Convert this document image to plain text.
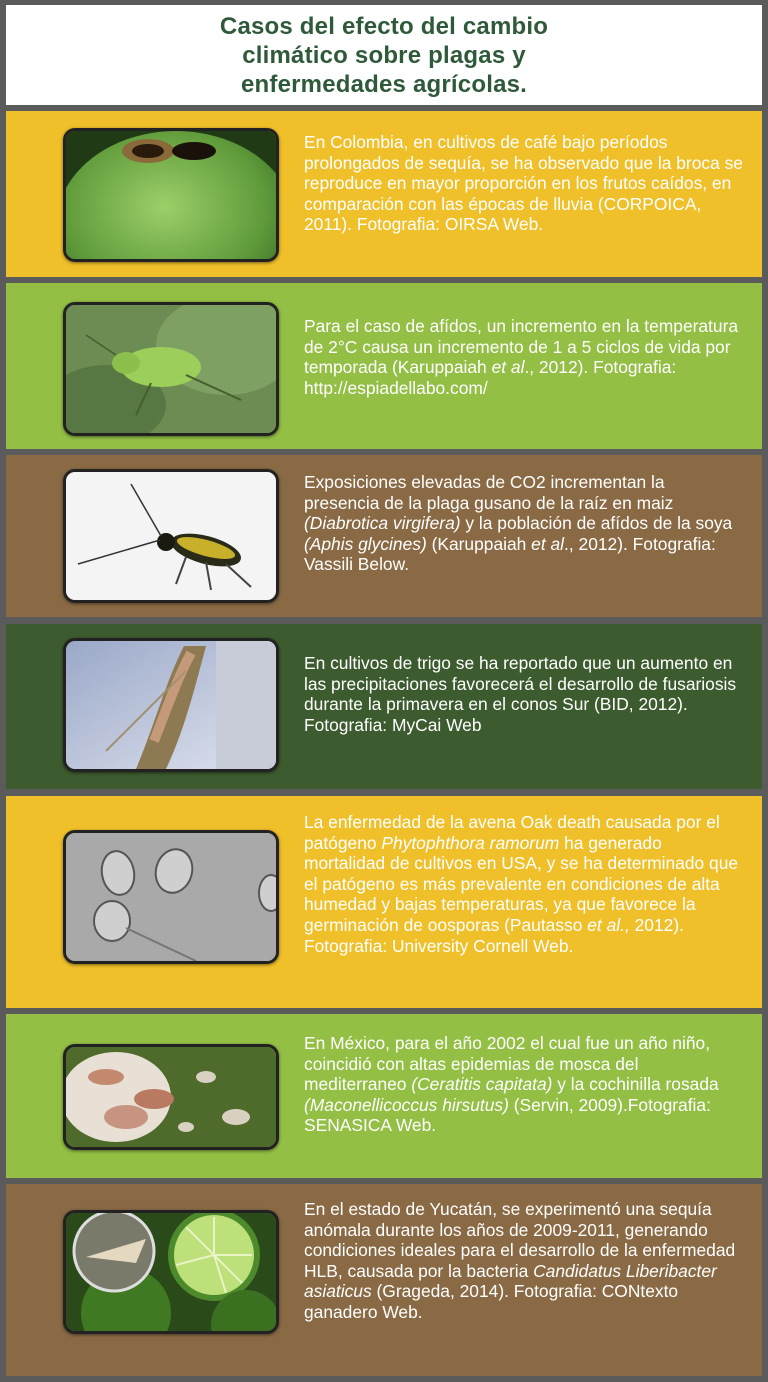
Casos del efecto del cambio climático sobre plagas y enfermedades agrícolas.
En Colombia, en cultivos de café bajo períodos prolongados de sequía, se ha observado que la broca se reproduce en mayor proporción en los frutos caídos, en comparación con las épocas de lluvia (CORPOICA, 2011). Fotografia: OIRSA Web.
Para el caso de afídos, un incremento en la temperatura de 2°C causa un incremento de 1 a 5 ciclos de vida por temporada (Karuppaiah et al., 2012). Fotografia: http://espiadellabo.com/
Exposiciones elevadas de CO2 incrementan la presencia de la plaga gusano de la raíz en maiz (Diabrotica virgifera) y la población de afídos de la soya (Aphis glycines) (Karuppaiah et al., 2012). Fotografia: Vassili Below.
En cultivos de trigo se ha reportado que un aumento en las precipitaciones favorecerá el desarrollo de fusariosis durante la primavera en el conos Sur (BID, 2012). Fotografia: MyCai Web
La enfermedad de la avena Oak death causada por el patógeno Phytophthora ramorum ha generado mortalidad de cultivos en USA, y se ha determinado que el patógeno es más prevalente en condiciones de alta humedad y bajas temperaturas, ya que favorece la germinación de oosporas (Pautasso et al., 2012). Fotografia: University Cornell Web.
En México, para el año 2002 el cual fue un año niño, coincidió con altas epidemias de mosca del mediterraneo (Ceratitis capitata) y la cochinilla rosada (Maconellicoccus hirsutus) (Servin, 2009).Fotografia: SENASICA Web.
En el estado de Yucatán, se experimentó una sequía anómala durante los años de 2009-2011, generando condiciones ideales para el desarrollo de la enfermedad HLB, causada por la bacteria Candidatus Liberibacter asiaticus (Grageda, 2014). Fotografia: CONtexto ganadero Web.
